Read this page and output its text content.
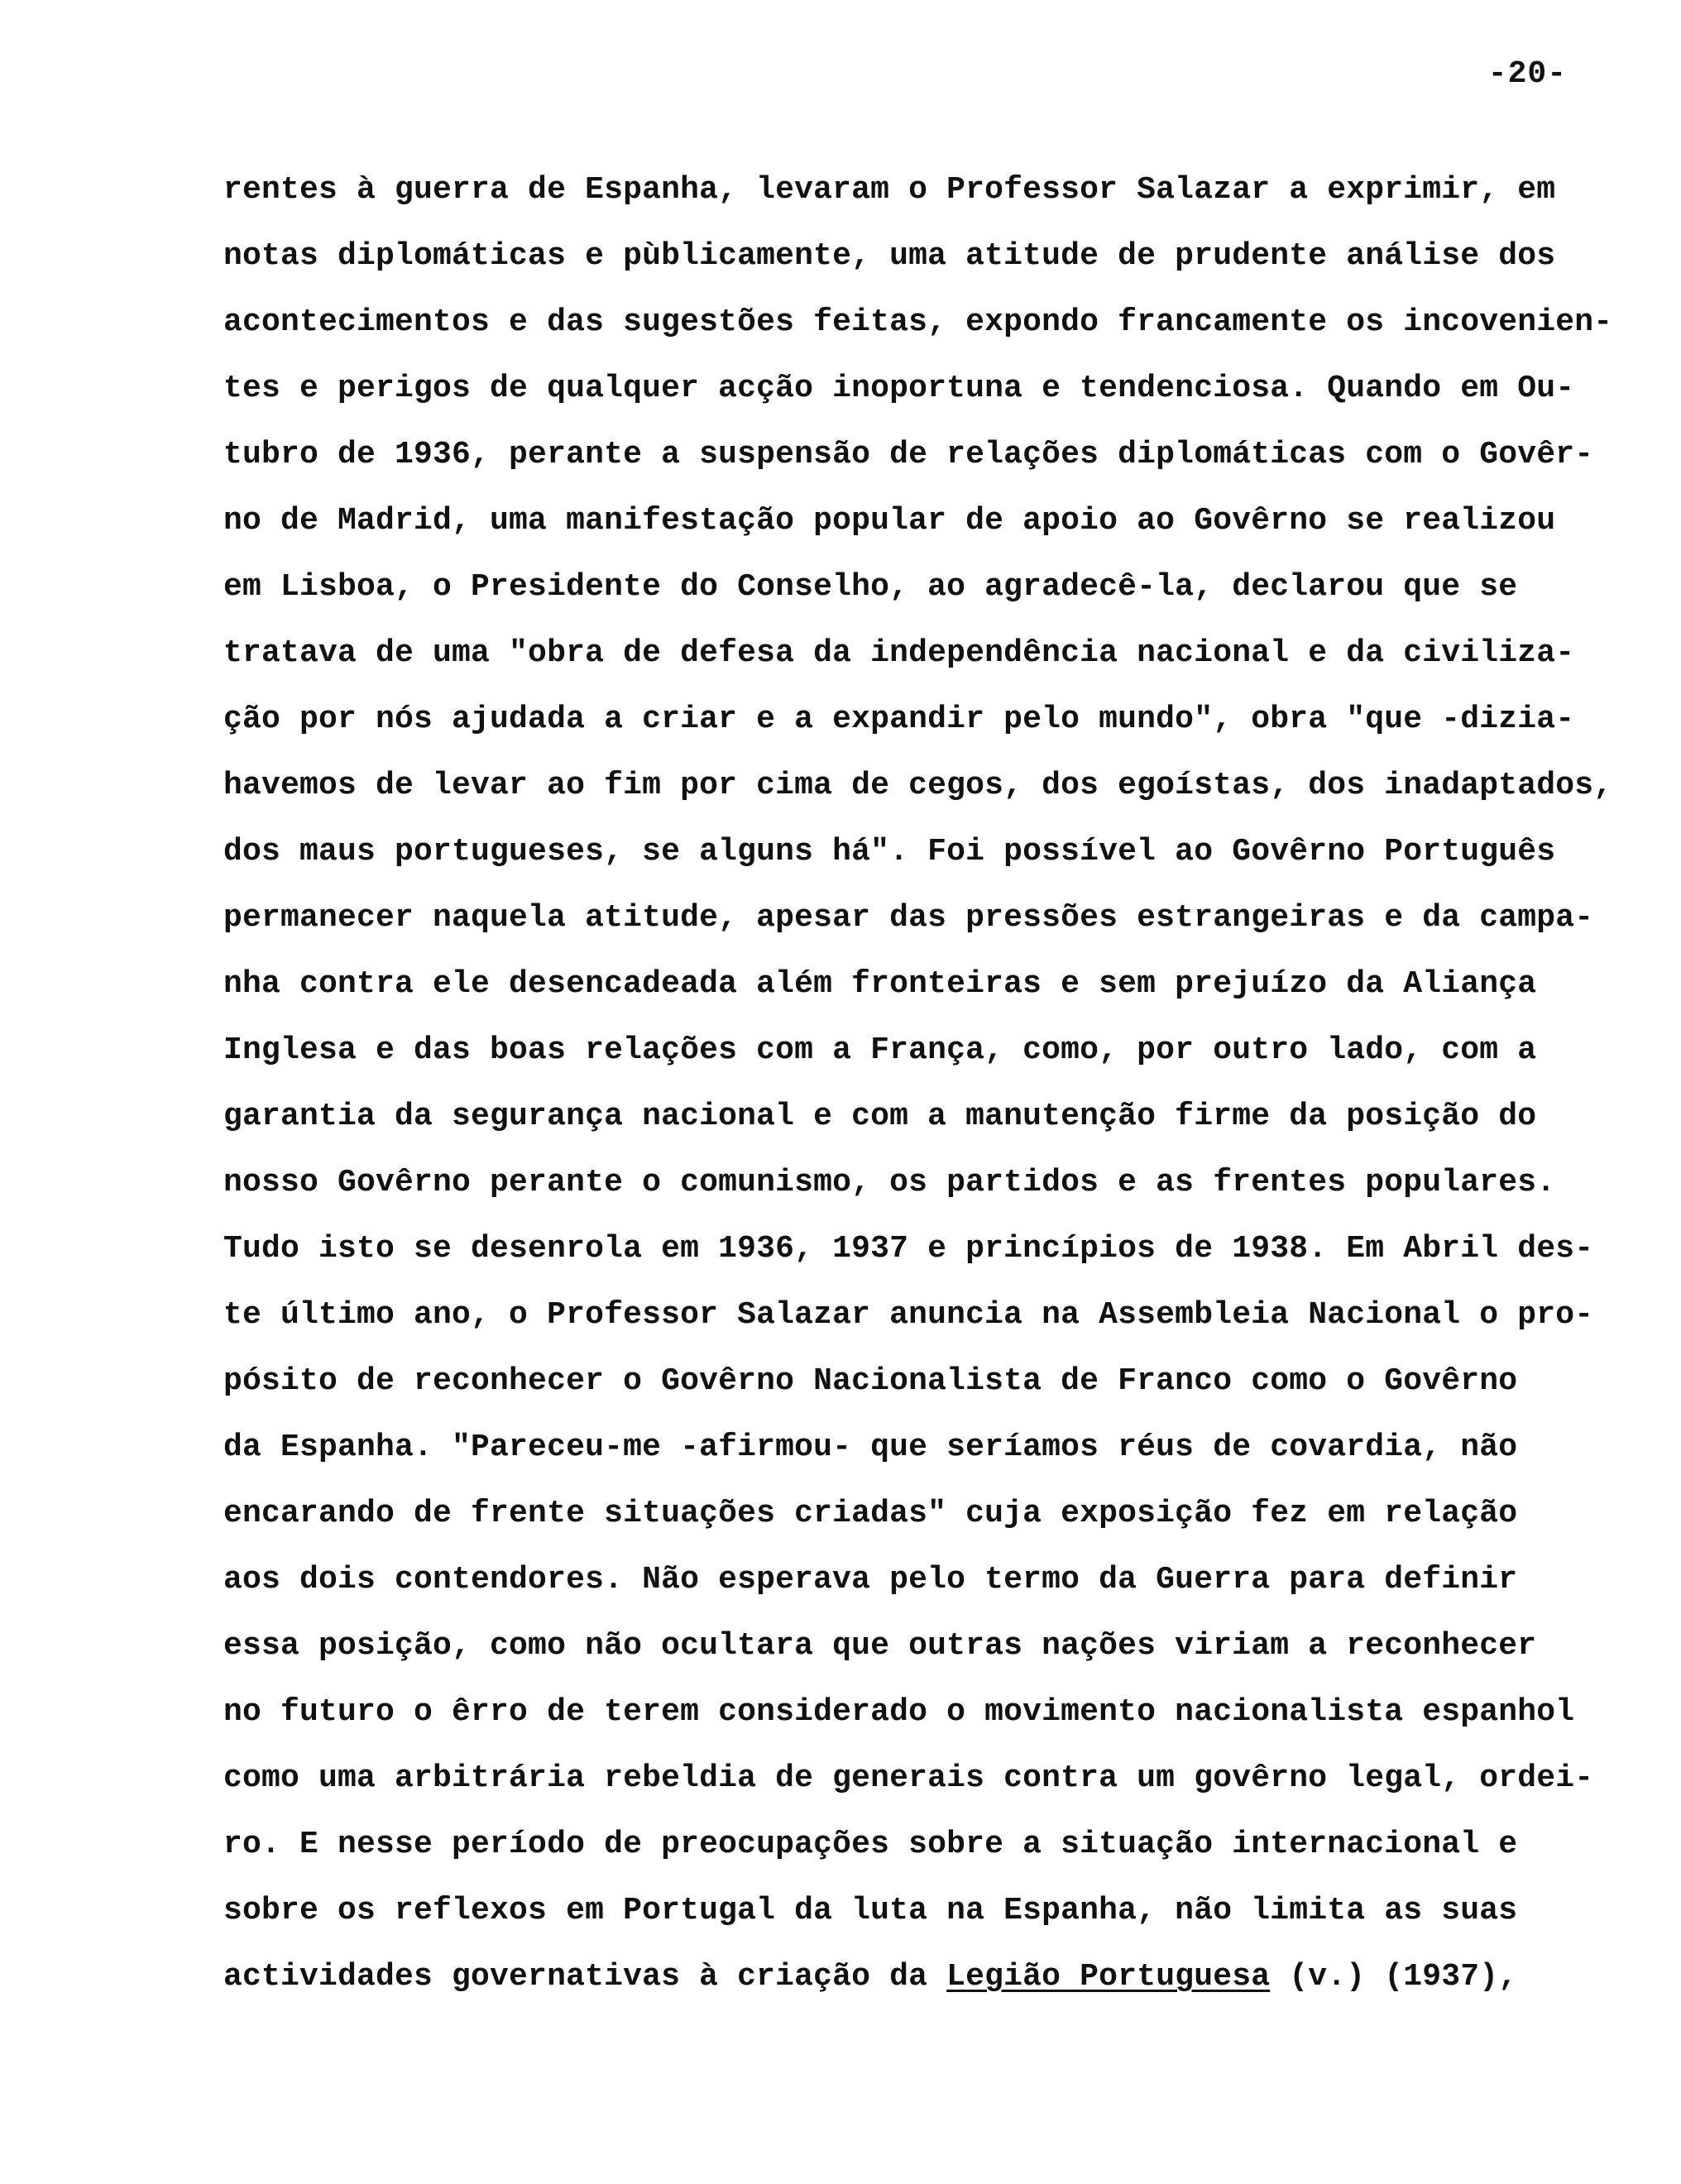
-20-
rentes à guerra de Espanha, levaram o Professor Salazar a exprimir, em
notas diplomáticas e pùblicamente, uma atitude de prudente análise dos
acontecimentos e das sugestões feitas, expondo francamente os incovenien-
tes e perigos de qualquer acção inoportuna e tendenciosa. Quando em Ou-
tubro de 1936, perante a suspensão de relações diplomáticas com o Govêr-
no de Madrid, uma manifestação popular de apoio ao Govêrno se realizou
em Lisboa, o Presidente do Conselho, ao agradecê-la, declarou que se
tratava de uma "obra de defesa da independência nacional e da civiliza-
ção por nós ajudada a criar e a expandir pelo mundo", obra "que -dizia-
havemos de levar ao fim por cima de cegos, dos egoístas, dos inadaptados,
dos maus portugueses, se alguns há". Foi possível ao Govêrno Português
permanecer naquela atitude, apesar das pressões estrangeiras e da campa-
nha contra ele desencadeada além fronteiras e sem prejuízo da Aliança
Inglesa e das boas relações com a França, como, por outro lado, com a
garantia da segurança nacional e com a manutenção firme da posição do
nosso Govêrno perante o comunismo, os partidos e as frentes populares.
Tudo isto se desenrola em 1936, 1937 e princípios de 1938. Em Abril des-
te último ano, o Professor Salazar anuncia na Assembleia Nacional o pro-
pósito de reconhecer o Govêrno Nacionalista de Franco como o Govêrno
da Espanha. "Pareceu-me -afirmou- que seríamos réus de covardia, não
encarando de frente situações criadas" cuja exposição fez em relação
aos dois contendores. Não esperava pelo termo da Guerra para definir
essa posição, como não ocultara que outras nações viriam a reconhecer
no futuro o êrro de terem considerado o movimento nacionalista espanhol
como uma arbitrária rebeldia de generais contra um govêrno legal, ordei-
ro. E nesse período de preocupações sobre a situação internacional e
sobre os reflexos em Portugal da luta na Espanha, não limita as suas
actividades governativas à criação da Legião Portuguesa (v.) (1937),
